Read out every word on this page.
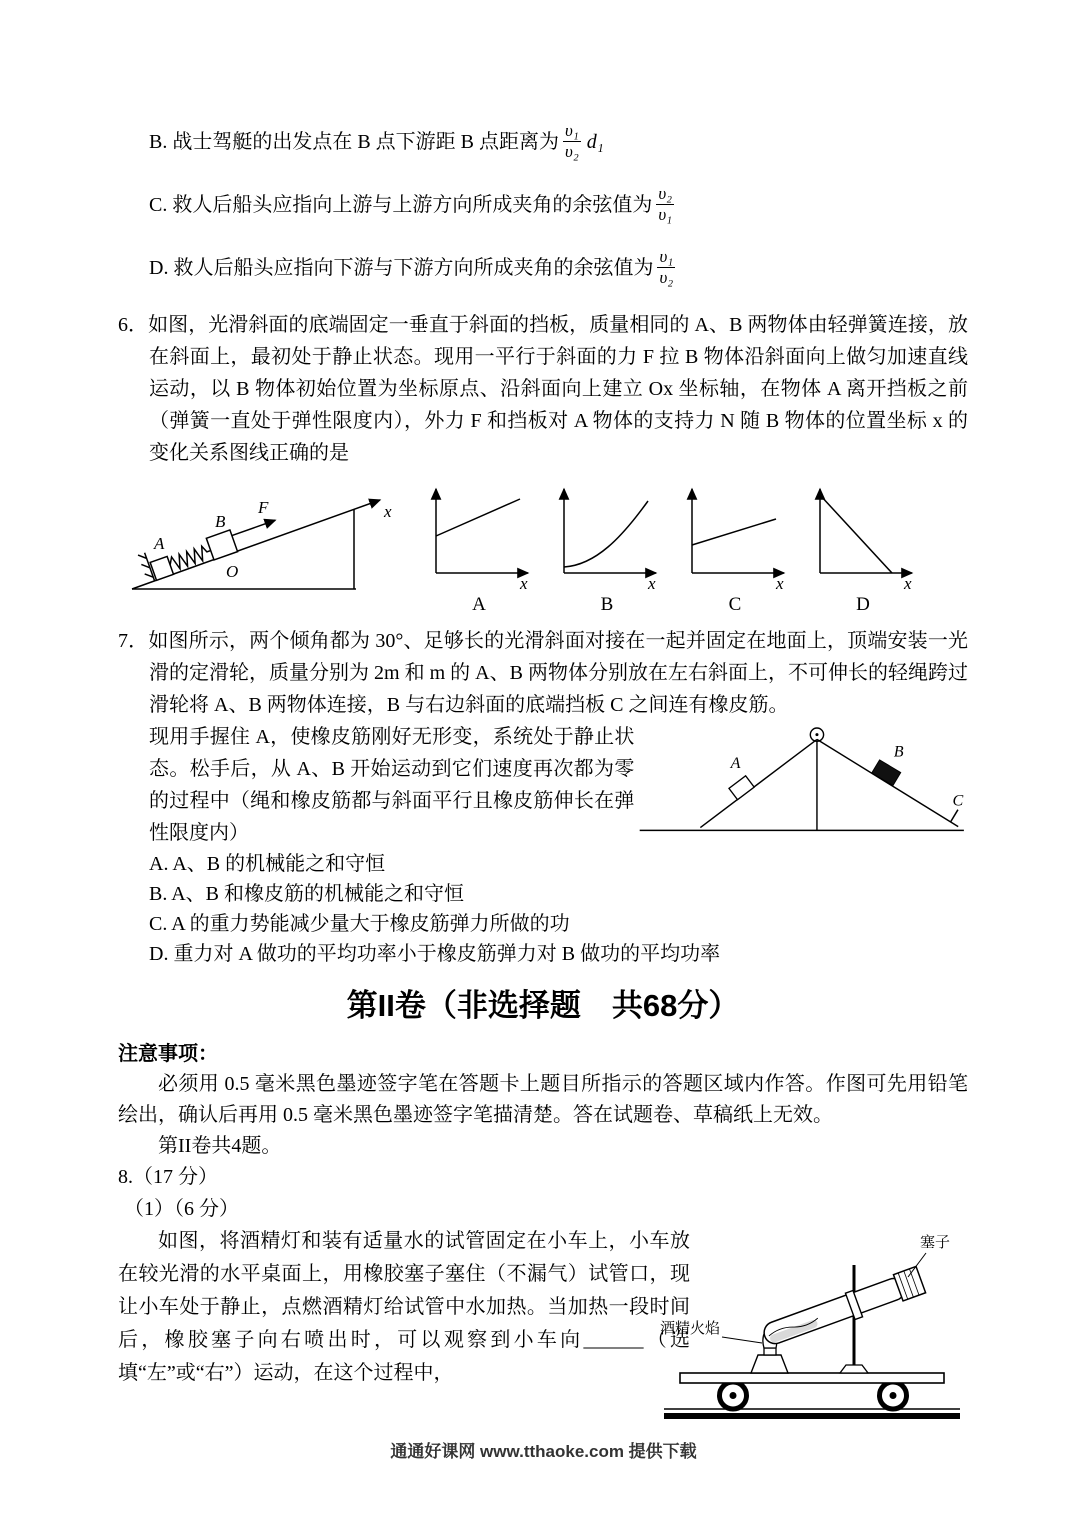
B. 战士驾艇的出发点在 B 点下游距 B 点距离为 $\frac{\text{υ₁}}{\text{υ₂}} d_1$
C. 救人后船头应指向上游与上游方向所成夹角的余弦值为 $\frac{\text{υ₂}}{\text{υ₁}}$
D. 救人后船头应指向下游与下游方向所成夹角的余弦值为 $\frac{\text{υ₁}}{\text{υ₂}}$

6．如图，光滑斜面的底端固定一垂直于斜面的挡板，质量相同的 A、B 两物体由轻弹簧连接，放在斜面上，最初处于静止状态。现用一平行于斜面的力 F 拉 B 物体沿斜面向上做匀加速直线运动，以 B 物体初始位置为坐标原点、沿斜面向上建立 Ox 坐标轴，在物体 A 离开挡板之前（弹簧一直处于弹性限度内），外力 F 和挡板对 A 物体的支持力 N 随 B 物体的位置坐标 x 的变化关系图线正确的是

A
B
F
O
x
x
A
x
B
x
C
x
D

7．如图所示，两个倾角都为 30°、足够长的光滑斜面对接在一起并固定在地面上，顶端安装一光滑的定滑轮，质量分别为 2m 和 m 的 A、B 两物体分别放在左右斜面上，不可伸长的轻绳跨过滑轮将 A、B 两物体连接，B 与右边斜面的底端挡板 C 之间连有橡皮筋。

现用手握住 A，使橡皮筋刚好无形变，系统处于静止状态。松手后，从 A、B 开始运动到它们速度再次都为零的过程中（绳和橡皮筋都与斜面平行且橡皮筋伸长在弹性限度内）

A
B
C
A. A、B 的机械能之和守恒
B. A、B 和橡皮筋的机械能之和守恒
C. A 的重力势能减少量大于橡皮筋弹力所做的功
D. 重力对 A 做功的平均功率小于橡皮筋弹力对 B 做功的平均功率
第II卷（非选择题　共68分）
注意事项：

必须用 0.5 毫米黑色墨迹签字笔在答题卡上题目所指示的答题区域内作答。作图可先用铅笔绘出，确认后再用 0.5 毫米黑色墨迹签字笔描清楚。答在试题卷、草稿纸上无效。

第II卷共4题。

8.（17 分）
（1）（6 分）

如图，将酒精灯和装有适量水的试管固定在小车上，小车放在较光滑的水平桌面上，用橡胶塞子塞住（不漏气）试管口，现让小车处于静止，点燃酒精灯给试管中水加热。当加热一段时间后，橡胶塞子向右喷出时，可以观察到小车向______（选填“左”或“右”）运动，在这个过程中，

塞子
酒精火焰
通通好课网 www.tthaoke.com 提供下载
